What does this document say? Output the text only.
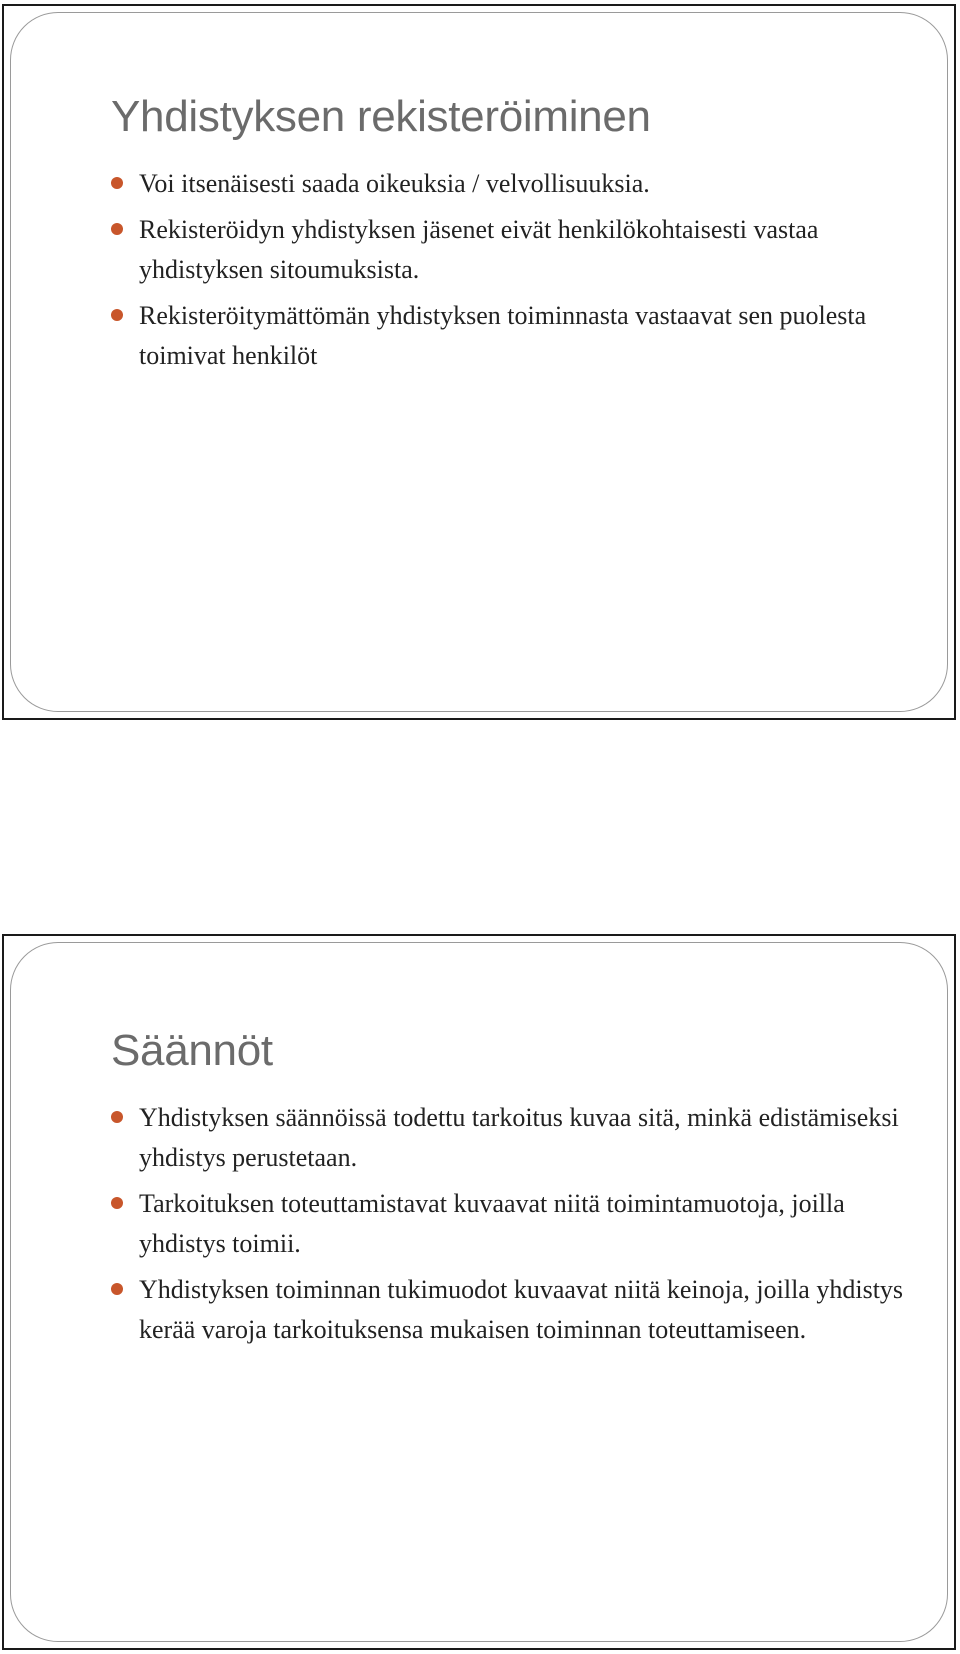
Yhdistyksen rekisteröiminen
Voi itsenäisesti saada oikeuksia / velvollisuuksia.
Rekisteröidyn yhdistyksen jäsenet eivät henkilökohtaisesti vastaa yhdistyksen sitoumuksista.
Rekisteröitymättömän yhdistyksen toiminnasta vastaavat sen puolesta toimivat henkilöt
Säännöt
Yhdistyksen säännöissä todettu tarkoitus kuvaa sitä, minkä edistämiseksi yhdistys perustetaan.
Tarkoituksen toteuttamistavat kuvaavat niitä toimintamuotoja, joilla yhdistys toimii.
Yhdistyksen toiminnan tukimuodot kuvaavat niitä keinoja, joilla yhdistys kerää varoja tarkoituksensa mukaisen toiminnan toteuttamiseen.
